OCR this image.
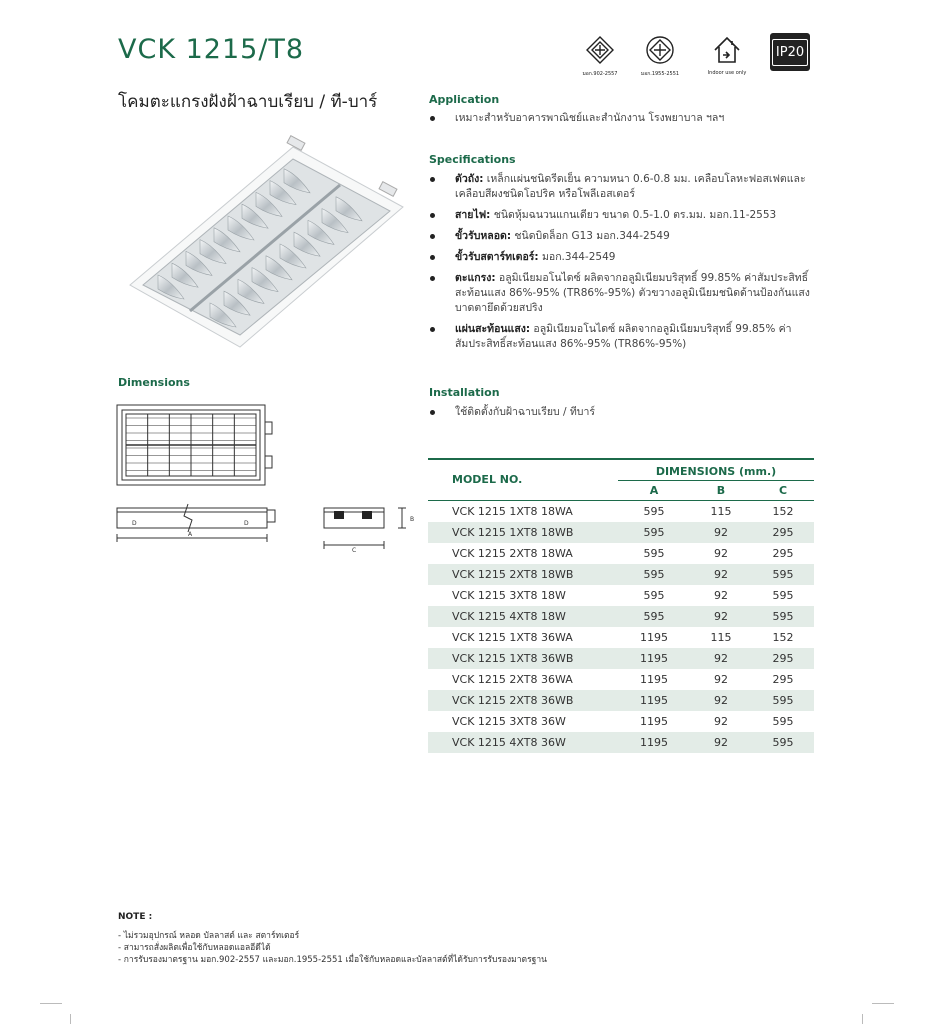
VCK 1215/T8
โคมตะแกรงฝังฝ้าฉาบเรียบ / ที-บาร์
มอก.902-2557	มอก.1955-2551	Indoor use only
IP20
Application
เหมาะสำหรับอาคารพาณิชย์และสำนักงาน โรงพยาบาล ฯลฯ
Specifications
ตัวถัง: เหล็กแผ่นชนิดรีดเย็น ความหนา 0.6-0.8 มม. เคลือบโลหะฟอสเฟตและเคลือบสีผงชนิดโอปริค หรือโพลีเอสเตอร์
สายไฟ: ชนิดหุ้มฉนวนแกนเดียว ขนาด 0.5-1.0 ตร.มม. มอก.11-2553
ขั้วรับหลอด: ชนิดบิดล็อก G13 มอก.344-2549
ขั้วรับสตาร์ทเตอร์: มอก.344-2549
ตะแกรง: อลูมิเนียมอโนไดซ์ ผลิตจากอลูมิเนียมบริสุทธิ์ 99.85% ค่าสัมประสิทธิ์สะท้อนแสง 86%-95% (TR86%-95%) ตัวขวางอลูมิเนียมชนิดด้านป้องกันแสงบาดตายึดด้วยสปริง
แผ่นสะท้อนแสง: อลูมิเนียมอโนไดซ์ ผลิตจากอลูมิเนียมบริสุทธิ์ 99.85% ค่าสัมประสิทธิ์สะท้อนแสง 86%-95% (TR86%-95%)
Installation
ใช้ติดตั้งกับฝ้าฉาบเรียบ / ทีบาร์
Dimensions
D	D
A
C
B

MODEL NO.	DIMENSIONS (mm.)		
	A	B	C

VCK 1215 1XT8 18WA	595	115	152
VCK 1215 1XT8 18WB	595	92	295
VCK 1215 2XT8 18WA	595	92	295
VCK 1215 2XT8 18WB	595	92	595
VCK 1215 3XT8 18W	595	92	595
VCK 1215 4XT8 18W	595	92	595
VCK 1215 1XT8 36WA	1195	115	152
VCK 1215 1XT8 36WB	1195	92	295
VCK 1215 2XT8 36WA	1195	92	295
VCK 1215 2XT8 36WB	1195	92	595
VCK 1215 3XT8 36W	1195	92	595
VCK 1215 4XT8 36W	1195	92	595
NOTE :
- ไม่รวมอุปกรณ์ หลอด บัลลาสต์ และ สตาร์ทเตอร์
- สามารถสั่งผลิตเพื่อใช้กับหลอดแอลอีดีได้
- การรับรองมาตรฐาน มอก.902-2557 และมอก.1955-2551 เมื่อใช้กับหลอดและบัลลาสต์ที่ได้รับการรับรองมาตรฐาน
